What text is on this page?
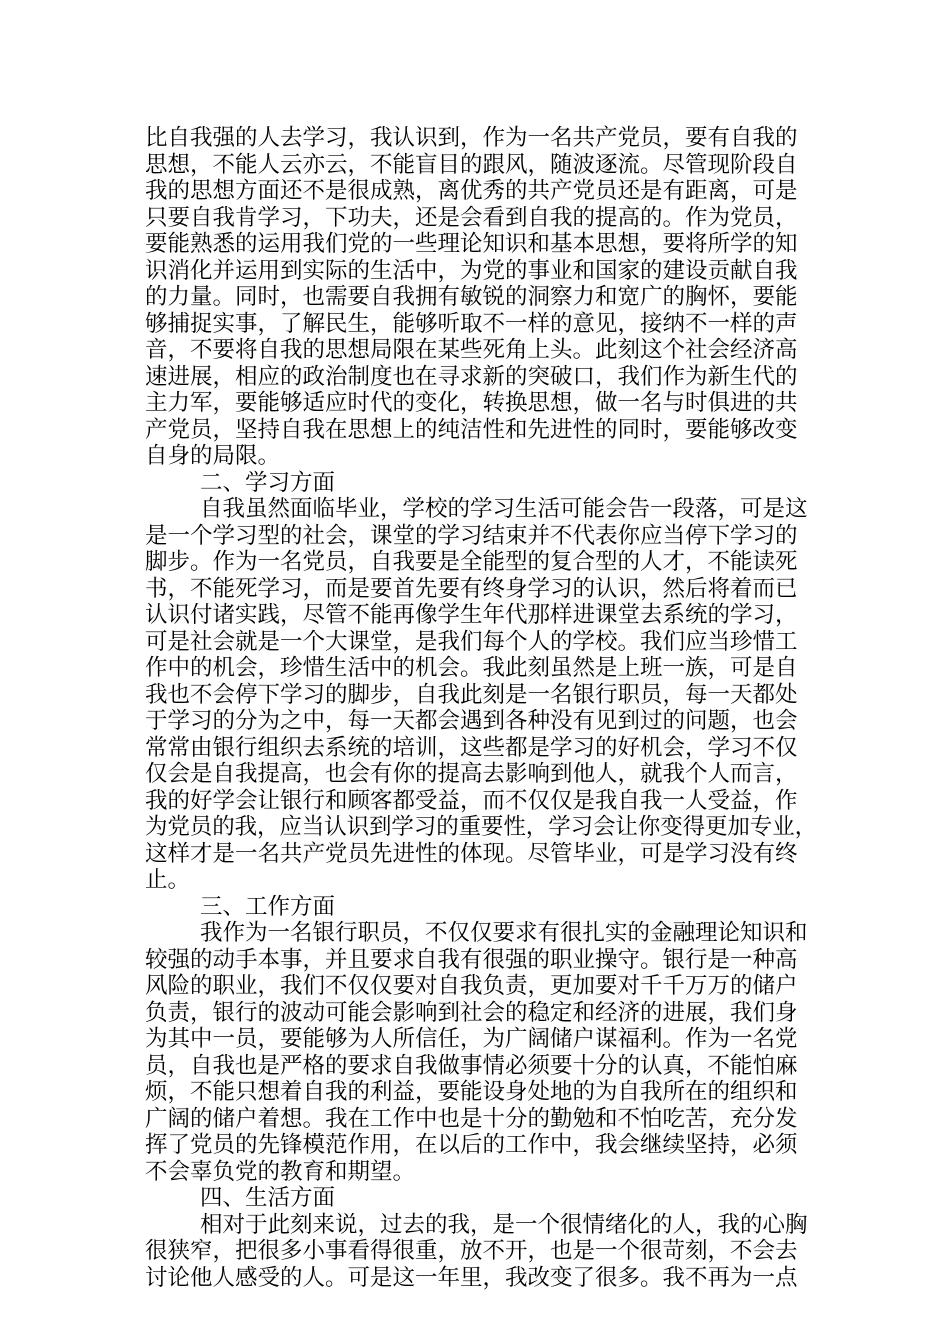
比自我强的人去学习，我认识到，作为一名共产党员，要有自我的
思想，不能人云亦云，不能盲目的跟风，随波逐流。尽管现阶段自
我的思想方面还不是很成熟，离优秀的共产党员还是有距离，可是
只要自我肯学习，下功夫，还是会看到自我的提高的。作为党员，
要能熟悉的运用我们党的一些理论知识和基本思想，要将所学的知
识消化并运用到实际的生活中，为党的事业和国家的建设贡献自我
的力量。同时，也需要自我拥有敏锐的洞察力和宽广的胸怀，要能
够捕捉实事，了解民生，能够听取不一样的意见，接纳不一样的声
音，不要将自我的思想局限在某些死角上头。此刻这个社会经济高
速进展，相应的政治制度也在寻求新的突破口，我们作为新生代的
主力军，要能够适应时代的变化，转换思想，做一名与时俱进的共
产党员，坚持自我在思想上的纯洁性和先进性的同时，要能够改变
自身的局限。
二、学习方面
自我虽然面临毕业，学校的学习生活可能会告一段落，可是这
是一个学习型的社会，课堂的学习结束并不代表你应当停下学习的
脚步。作为一名党员，自我要是全能型的复合型的人才，不能读死
书，不能死学习，而是要首先要有终身学习的认识，然后将着而已
认识付诸实践，尽管不能再像学生年代那样进课堂去系统的学习，
可是社会就是一个大课堂，是我们每个人的学校。我们应当珍惜工
作中的机会，珍惜生活中的机会。我此刻虽然是上班一族，可是自
我也不会停下学习的脚步，自我此刻是一名银行职员，每一天都处
于学习的分为之中，每一天都会遇到各种没有见到过的问题，也会
常常由银行组织去系统的培训，这些都是学习的好机会，学习不仅
仅会是自我提高，也会有你的提高去影响到他人，就我个人而言，
我的好学会让银行和顾客都受益，而不仅仅是我自我一人受益，作
为党员的我，应当认识到学习的重要性，学习会让你变得更加专业，
这样才是一名共产党员先进性的体现。尽管毕业，可是学习没有终
止。
三、工作方面
我作为一名银行职员，不仅仅要求有很扎实的金融理论知识和
较强的动手本事，并且要求自我有很强的职业操守。银行是一种高
风险的职业，我们不仅仅要对自我负责，更加要对千千万万的储户
负责，银行的波动可能会影响到社会的稳定和经济的进展，我们身
为其中一员，要能够为人所信任，为广阔储户谋福利。作为一名党
员，自我也是严格的要求自我做事情必须要十分的认真，不能怕麻
烦，不能只想着自我的利益，要能设身处地的为自我所在的组织和
广阔的储户着想。我在工作中也是十分的勤勉和不怕吃苦，充分发
挥了党员的先锋模范作用，在以后的工作中，我会继续坚持，必须
不会辜负党的教育和期望。
四、生活方面
相对于此刻来说，过去的我，是一个很情绪化的人，我的心胸
很狭窄，把很多小事看得很重，放不开，也是一个很苛刻，不会去
讨论他人感受的人。可是这一年里，我改变了很多。我不再为一点
